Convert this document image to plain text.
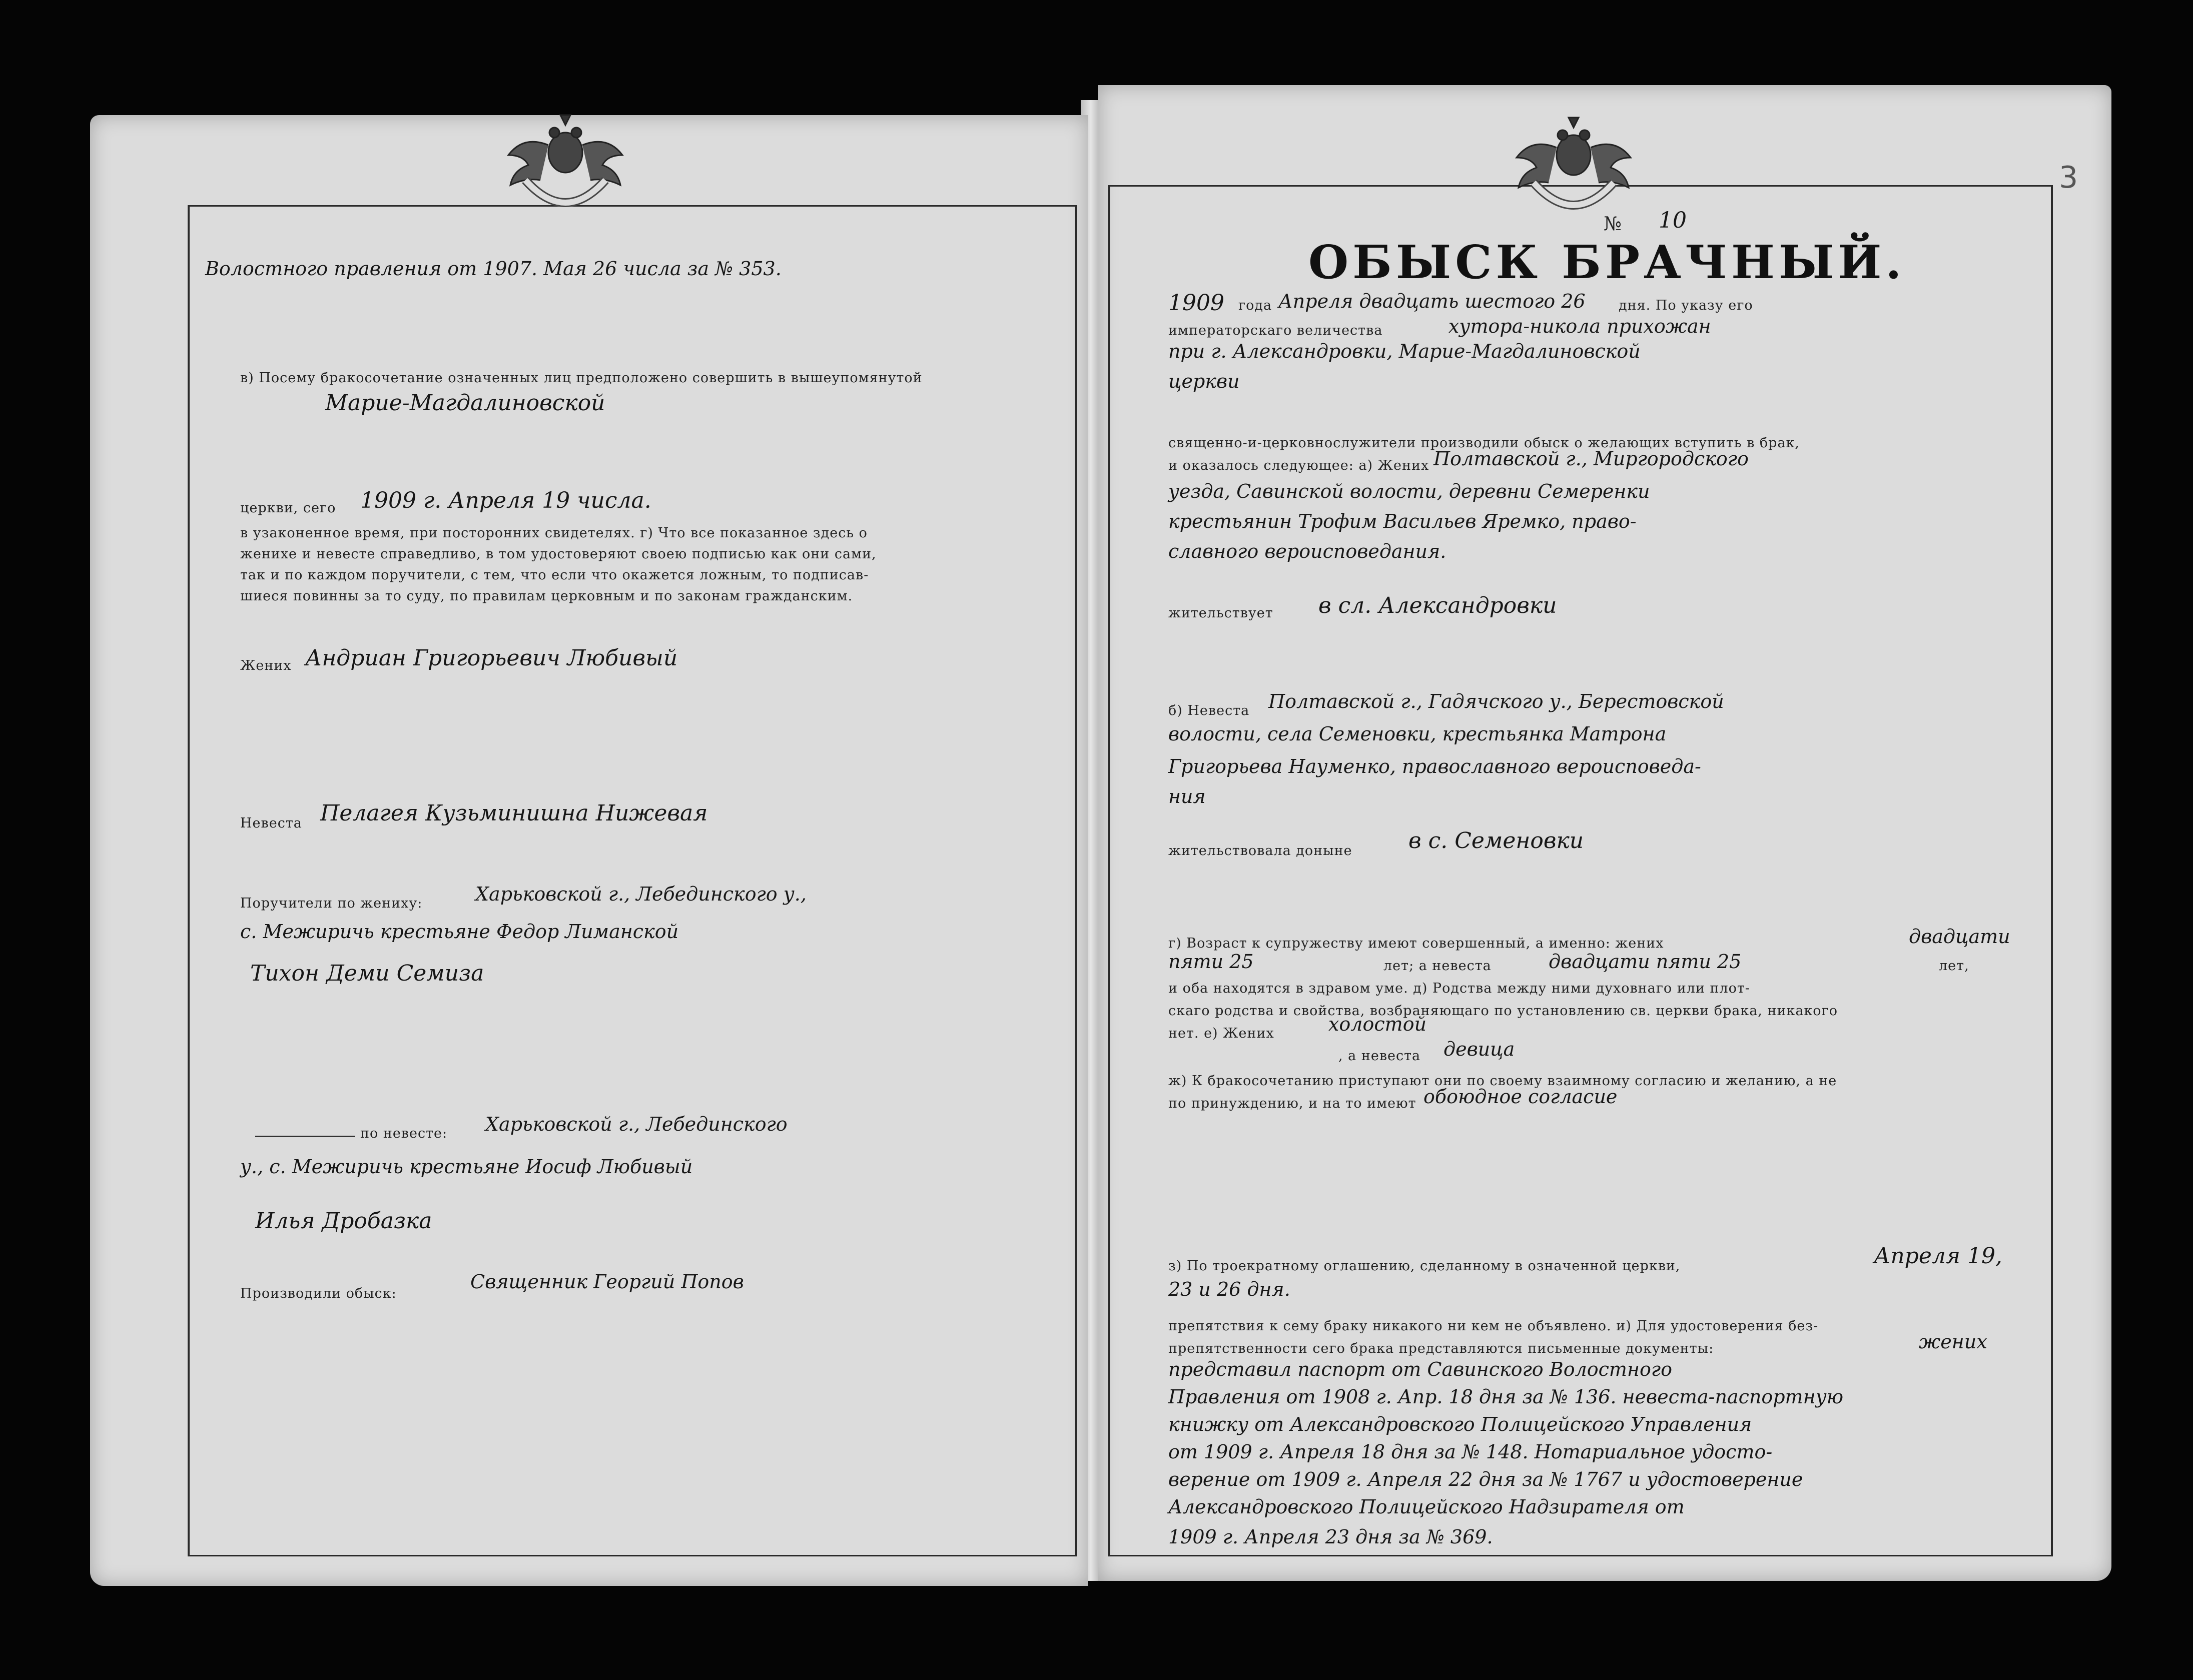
Волостного правления от 1907. Мая 26 числа за № 353.
в) Посему бракосочетание означенных лиц предположено совершить в вышеупомянутой
Марие-Магдалиновской
церкви, сего 1909 г. Апреля 19 числа.
в узаконенное время, при посторонних свидетелях. г) Что все показанное здесь о
женихе и невесте справедливо, в том удостоверяют своею подписью как они сами,
так и по каждом поручители, с тем, что если что окажется ложным, то подписав-
шиеся повинны за то суду, по правилам церковным и по законам гражданским.
Жених Андриан Григорьевич Любивый
Невеста Пелагея Кузьминишна Нижевая
Поручители по жениху:	Харьковской г., Лебединского у.,
с. Межиричь крестьяне Федор Лиманской
Тихон Деми Семиза
по невесте: Харьковской г., Лебединского
у., с. Межиричь крестьяне Иосиф Любивый
Илья Дробазка
Производили обыск:
Священник Георгий Попов
3
№ 10
ОБЫСК БРАЧНЫЙ.
1909 года Апреля двадцать шестого 26 дня. По указу его
императорскаго величества	хутора-никола прихожан
при г. Александровки, Марие-Магдалиновской
церкви
священно-и-церковнослужители производили обыск о желающих вступить в брак,
и оказалось следующее: а) Жених Полтавской г., Миргородского
уезда, Савинской волости, деревни Семеренки
крестьянин Трофим Васильев Яремко, право-
славного вероисповедания.
жительствует в сл. Александровки
б) Невеста Полтавской г., Гадячского у., Берестовской
волости, села Семеновки, крестьянка Матрона
Григорьева Науменко, православного вероисповеда-
ния
жительствовала доныне	в с. Семеновки
г) Возраст к супружеству имеют совершенный, а именно: жених	двадцати
пяти 25	лет; а невеста	двадцати пяти 25	лет,
и оба находятся в здравом уме. д) Родства между ними духовнаго или плот-
скаго родства и свойства, возбраняющаго по установлению св. церкви брака, никакого
нет. е) Жених	холостой
, а невеста девица
ж) К бракосочетанию приступают они по своему взаимному согласию и желанию, а не
по принуждению, и на то имеют обоюдное согласие
з) По троекратному оглашению, сделанному в означенной церкви,	Апреля 19,
23 и 26 дня.
препятствия к сему браку никакого ни кем не объявлено. и) Для удостоверения без-
препятственности сего брака представляются письменные документы:	жених
представил паспорт от Савинского Волостного
Правления от 1908 г. Апр. 18 дня за № 136. невеста-паспортную
книжку от Александровского Полицейского Управления
от 1909 г. Апреля 18 дня за № 148. Нотариальное удосто-
верение от 1909 г. Апреля 22 дня за № 1767 и удостоверение
Александровского Полицейского Надзирателя от
1909 г. Апреля 23 дня за № 369.
